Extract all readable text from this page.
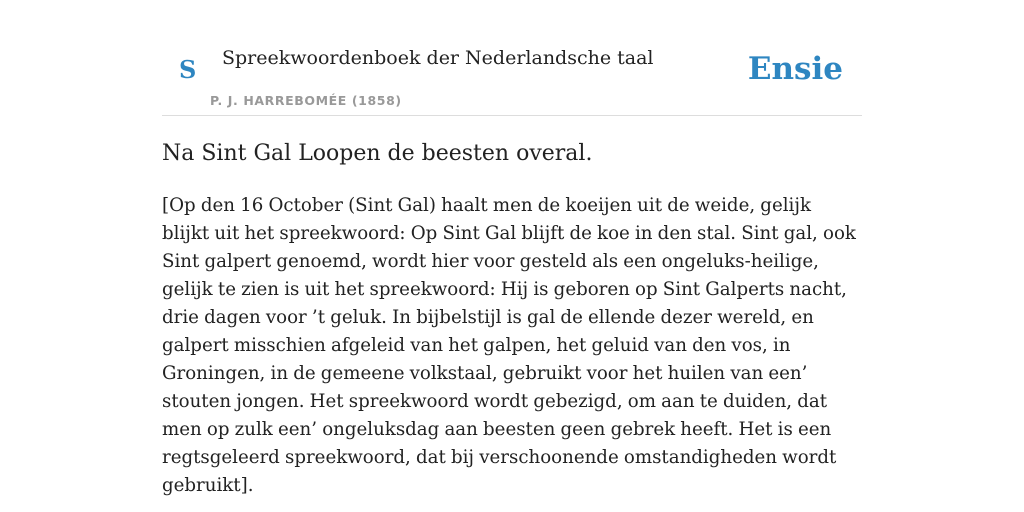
S Spreekwoordenboek der Nederlandsche taal
P. J. HARREBOMÉE (1858)
Ensie
Na Sint Gal Loopen de beesten overal.

[Op den 16 October (Sint Gal) haalt men de koeijen uit de weide, gelijk blijkt uit het spreekwoord: Op Sint Gal blijft de koe in den stal. Sint gal, ook Sint galpert genoemd, wordt hier voor gesteld als een ongeluks-heilige, gelijk te zien is uit het spreekwoord: Hij is geboren op Sint Galperts nacht, drie dagen voor ’t geluk. In bijbelstijl is gal de ellende dezer wereld, en galpert misschien afgeleid van het galpen, het geluid van den vos, in Groningen, in de gemeene volkstaal, gebruikt voor het huilen van een’ stouten jongen. Het spreekwoord wordt gebezigd, om aan te duiden, dat men op zulk een’ ongeluksdag aan beesten geen gebrek heeft. Het is een regtsgeleerd spreekwoord, dat bij verschoonende omstandigheden wordt gebruikt].
